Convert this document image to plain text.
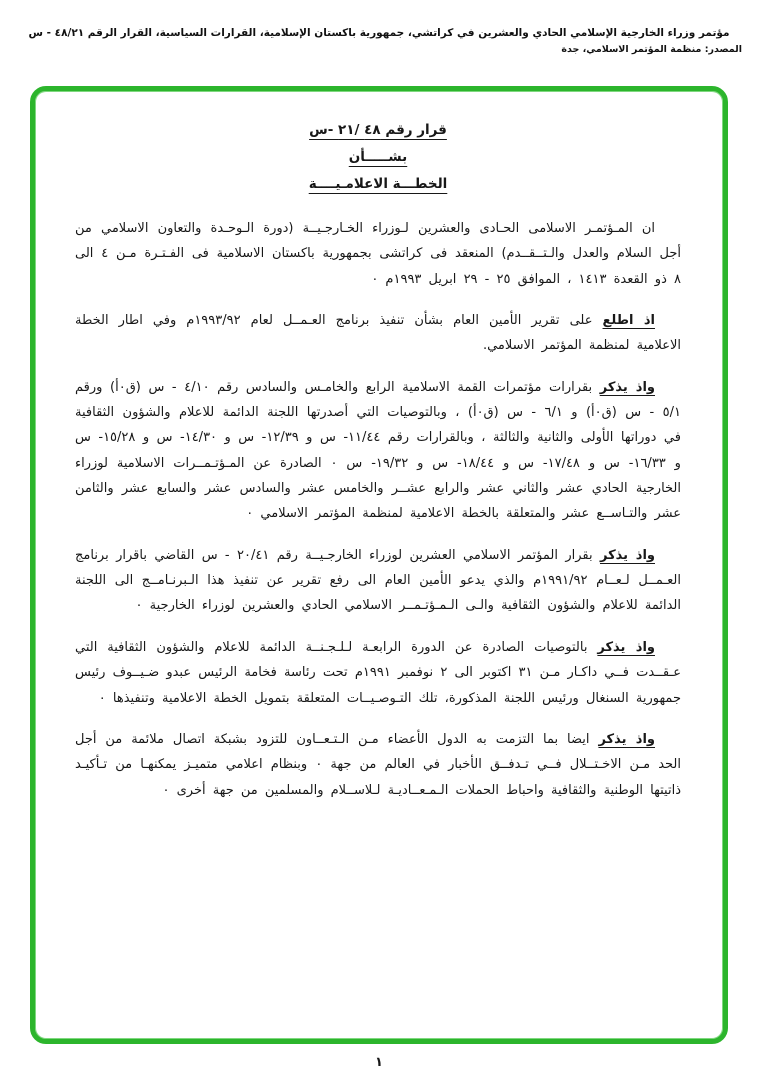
مؤتمر وزراء الخارجية الإسلامي الحادي والعشرين في كراتشي، جمهورية باكستان الإسلامية، القرارات السياسية، القرار الرقم ٤٨/٢١ - س
المصدر: منظمة المؤتمر الاسلامي، جدة
قرار رقم ٤٨ /٢١ -س
بشـــــأن
الخطـــة الاعلامـيــــة

ان المـؤتمـر الاسلامى الحـادى والعشرين لـوزراء الخـارجـيــة (دورة الـوحـدة والتعاون الاسلامي من أجل السلام والعدل والـتــقــدم) المنعقد فى كراتشى بجمهورية باكستان الاسلامية فى الفـتـرة مـن ٤ الى ٨ ذو القعدة ١٤١٣ ، الموافق ٢٥ - ٢٩ ابريل ١٩٩٣م ٠

اذ اطلع على تقرير الأمين العام بشأن تنفيذ برنامج العـمــل لعام ١٩٩٣/٩٢م وفي اطار الخطة الاعلامية لمنظمة المؤتمر الاسلامي.

واذ يذكر بقرارات مؤتمرات القمة الاسلامية الرابع والخامـس والسادس رقم ٤/١٠ - س (ق٠أ) ورقم ٥/١ - س (ق٠أ) و ٦/١ - س (ق٠أ) ، وبالتوصيات التي أصدرتها اللجنة الدائمة للاعلام والشؤون الثقافية في دوراتها الأولى والثانية والثالثة ، وبالقرارات رقم ١١/٤٤- س و ١٢/٣٩- س و ١٤/٣٠- س و ١٥/٢٨- س و ١٦/٣٣- س و ١٧/٤٨- س و ١٨/٤٤- س و ١٩/٣٢- س ٠ الصادرة عن المـؤتـمــرات الاسلامية لوزراء الخارجية الحادي عشر والثاني عشر والرابع عشــر والخامس عشر والسادس عشر والسابع عشر والثامن عشر والتـاســع عشر والمتعلقة بالخطة الاعلامية لمنظمة المؤتمر الاسلامي ٠

واذ يذكر بقرار المؤتمر الاسلامي العشرين لوزراء الخارجـيــة رقم ٢٠/٤١ - س القاضي باقرار برنامج العـمــل لـعــام ١٩٩١/٩٢م والذي يدعو الأمين العام الى رفع تقرير عن تنفيذ هذا الـبرنـامــج الى اللجنة الدائمة للاعلام والشؤون الثقافية والـى الـمـؤتـمــر الاسلامي الحادي والعشرين لوزراء الخارجية ٠

واذ يذكر بالتوصيات الصادرة عن الدورة الرابعـة لـلـجـنــة الدائمة للاعلام والشؤون الثقافية التي عـقــدت فــي داكـار مـن ٣١ اكتوبر الى ٢ نوفمبر ١٩٩١م تحت رئاسة فخامة الرئيس عبدو ضـيــوف رئيس جمهورية السنغال ورئيس اللجنة المذكورة، تلك التـوصـيــات المتعلقة بتمويل الخطة الاعلامية وتنفيذها ٠

واذ يذكر ايضا بما التزمت به الدول الأعضاء مـن الـتـعــاون للتزود بشبكة اتصال ملائمة من أجل الحد مـن الاخـتــلال فــي تـدفــق الأخبار في العالم من جهة ٠ وبنظام اعلامي متميـز يمكنهـا من تـأكيـد ذاتيتها الوطنية والثقافية واحباط الحملات الـمـعــاديـة لـلاســلام والمسلمين من جهة أخرى ٠

١
